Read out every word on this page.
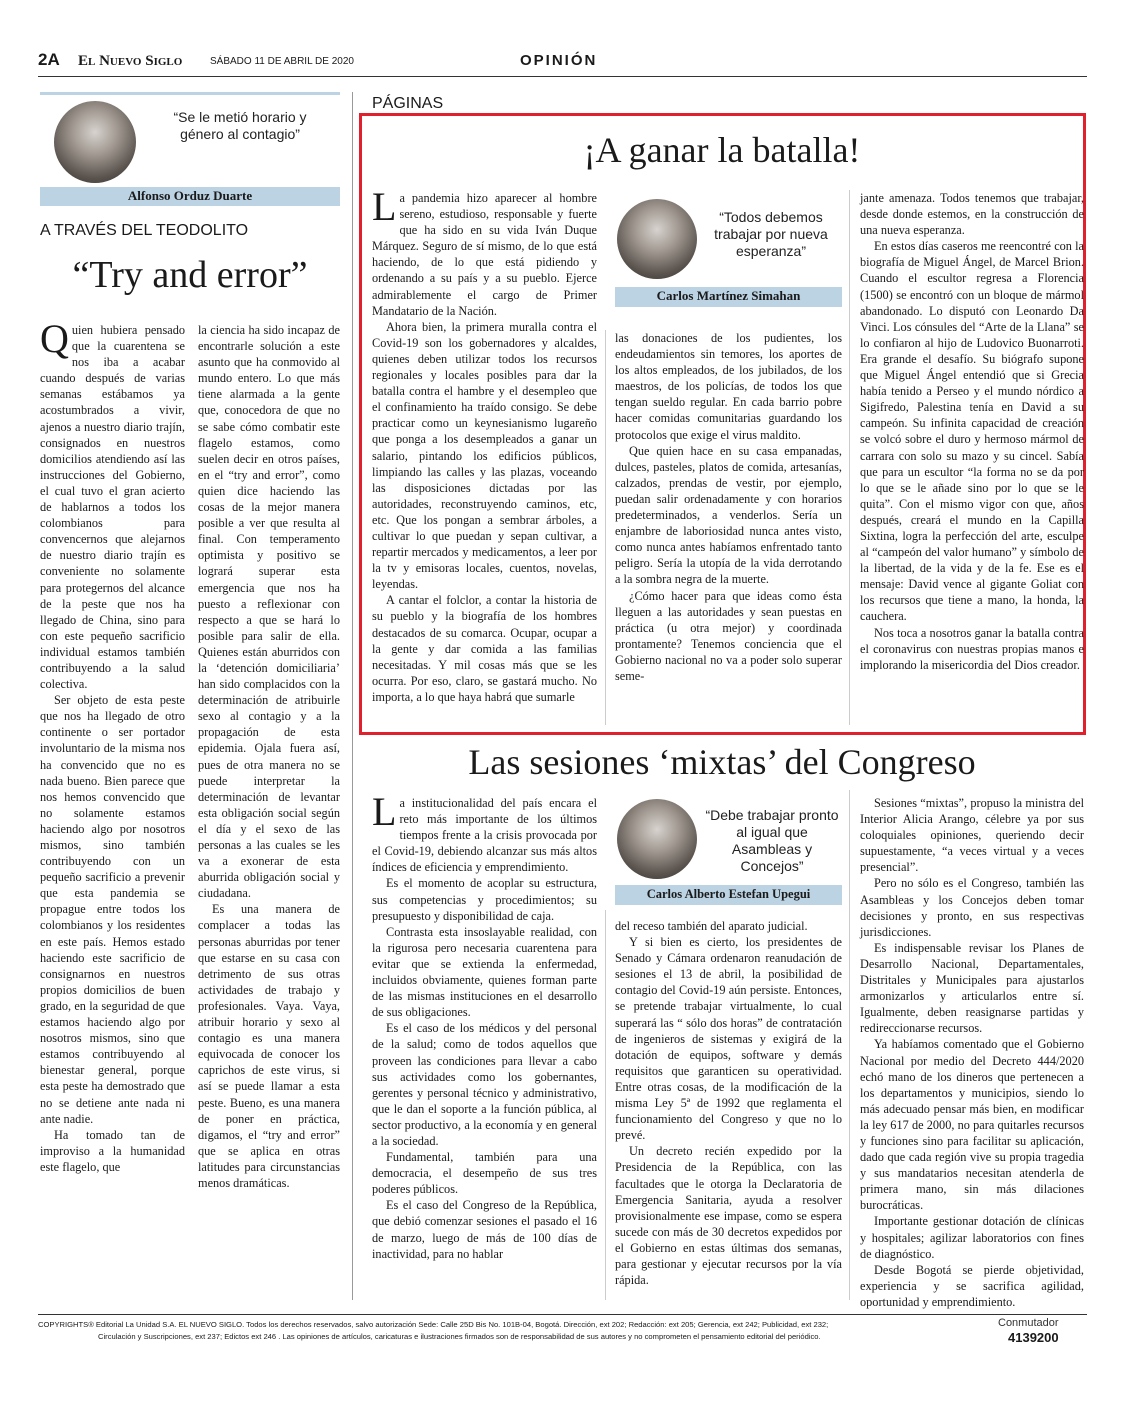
2A El Nuevo Siglo	SÁBADO 11 DE ABRIL DE 2020	OPINIÓN
“Se le metió horario y género al contagio”
Alfonso Orduz Duarte
A TRAVÉS DEL TEODOLITO
“Try and error”
Q uien hubiera pensado que la cuarentena se nos iba a acabar cuando después de varias semanas estábamos ya acostumbrados a vivir, ajenos a nuestro diario trajín, consignados en nuestros domicilios atendiendo así las instrucciones del Gobierno, el cual tuvo el gran acierto de hablarnos a todos los colombianos para convencernos que alejarnos de nuestro diario trajín es conveniente no solamente para protegernos del alcance de la peste que nos ha llegado de China, sino para con este pequeño sacrificio individual estamos también contribuyendo a la salud colectiva.

Ser objeto de esta peste que nos ha llegado de otro continente o ser portador involuntario de la misma nos ha convencido que no es nada bueno. Bien parece que nos hemos convencido que no solamente estamos haciendo algo por nosotros mismos, sino también contribuyendo con un pequeño sacrificio a prevenir que esta pandemia se propague entre todos los colombianos y los residentes en este país. Hemos estado haciendo este sacrificio de consignarnos en nuestros propios domicilios de buen grado, en la seguridad de que estamos haciendo algo por nosotros mismos, sino que estamos contribuyendo al bienestar general, porque esta peste ha demostrado que no se detiene ante nada ni ante nadie.

Ha tomado tan de improviso a la humanidad este flagelo, que

la ciencia ha sido incapaz de encontrarle solución a este asunto que ha conmovido al mundo entero. Lo que más tiene alarmada a la gente que, conocedora de que no se sabe cómo combatir este flagelo estamos, como suelen decir en otros países, en el “try and error”, como quien dice haciendo las cosas de la mejor manera posible a ver que resulta al final. Con temperamento optimista y positivo se logrará superar esta emergencia que nos ha puesto a reflexionar con respecto a que se hará lo posible para salir de ella. Quienes están aburridos con la ‘detención domiciliaria’ han sido complacidos con la determinación de atribuirle sexo al contagio y a la propagación de esta epidemia. Ojala fuera así, pues de otra manera no se puede interpretar la determinación de levantar esta obligación social según el día y el sexo de las personas a las cuales se les va a exonerar de esta aburrida obligación social y ciudadana.

Es una manera de complacer a todas las personas aburridas por tener que estarse en su casa con detrimento de sus otras actividades de trabajo y profesionales. Vaya. Vaya, atribuir horario y sexo al contagio es una manera equivocada de conocer los caprichos de este virus, si así se puede llamar a esta peste. Bueno, es una manera de poner en práctica, digamos, el “try and error” que se aplica en otras latitudes para circunstancias menos dramáticas.

PÁGINAS
¡A ganar la batalla!
L a pandemia hizo aparecer al hombre sereno, estudioso, responsable y fuerte que ha sido en su vida Iván Duque Márquez. Seguro de sí mismo, de lo que está haciendo, de lo que está pidiendo y ordenando a su país y a su pueblo. Ejerce admirablemente el cargo de Primer Mandatario de la Nación.

Ahora bien, la primera muralla contra el Covid-19 son los gobernadores y alcaldes, quienes deben utilizar todos los recursos regionales y locales posibles para dar la batalla contra el hambre y el desempleo que el confinamiento ha traído consigo. Se debe practicar como un keynesianismo lugareño que ponga a los desempleados a ganar un salario, pintando los edificios públicos, limpiando las calles y las plazas, voceando las disposiciones dictadas por las autoridades, reconstruyendo caminos, etc, etc. Que los pongan a sembrar árboles, a cultivar lo que puedan y sepan cultivar, a repartir mercados y medicamentos, a leer por la tv y emisoras locales, cuentos, novelas, leyendas.

A cantar el folclor, a contar la historia de su pueblo y la biografía de los hombres destacados de su comarca. Ocupar, ocupar a la gente y dar comida a las familias necesitadas. Y mil cosas más que se les ocurra. Por eso, claro, se gastará mucho. No importa, a lo que haya habrá que sumarle

“Todos debemos trabajar por nueva esperanza”
Carlos Martínez Simahan

las donaciones de los pudientes, los endeudamientos sin temores, los aportes de los altos empleados, de los jubilados, de los maestros, de los policías, de todos los que tengan sueldo regular. En cada barrio pobre hacer comidas comunitarias guardando los protocolos que exige el virus maldito.

Que quien hace en su casa empanadas, dulces, pasteles, platos de comida, artesanías, calzados, prendas de vestir, por ejemplo, puedan salir ordenadamente y con horarios predeterminados, a venderlos. Sería un enjambre de laboriosidad nunca antes visto, como nunca antes habíamos enfrentado tanto peligro. Sería la utopía de la vida derrotando a la sombra negra de la muerte.

¿Cómo hacer para que ideas como ésta lleguen a las autoridades y sean puestas en práctica (u otra mejor) y coordinada prontamente? Tenemos conciencia que el Gobierno nacional no va a poder solo superar seme-

jante amenaza. Todos tenemos que trabajar, desde donde estemos, en la construcción de una nueva esperanza.

En estos días caseros me reencontré con la biografía de Miguel Ángel, de Marcel Brion. Cuando el escultor regresa a Florencia (1500) se encontró con un bloque de mármol abandonado. Lo disputó con Leonardo Da Vinci. Los cónsules del “Arte de la Llana” se lo confiaron al hijo de Ludovico Buonarroti. Era grande el desafío. Su biógrafo supone que Miguel Ángel entendió que si Grecia había tenido a Perseo y el mundo nórdico a Sigifredo, Palestina tenía en David a su campeón. Su infinita capacidad de creación se volcó sobre el duro y hermoso mármol de carrara con solo su mazo y su cincel. Sabía que para un escultor “la forma no se da por lo que se le añade sino por lo que se le quita”. Con el mismo vigor con que, años después, creará el mundo en la Capilla Sixtina, logra la perfección del arte, esculpe al “campeón del valor humano” y símbolo de la libertad, de la vida y de la fe. Ese es el mensaje: David vence al gigante Goliat con los recursos que tiene a mano, la honda, la cauchera.

Nos toca a nosotros ganar la batalla contra el coronavirus con nuestras propias manos e implorando la misericordia del Dios creador.

Las sesiones ‘mixtas’ del Congreso
L a institucionalidad del país encara el reto más importante de los últimos tiempos frente a la crisis provocada por el Covid-19, debiendo alcanzar sus más altos índices de eficiencia y emprendimiento.

Es el momento de acoplar su estructura, sus competencias y procedimientos; su presupuesto y disponibilidad de caja.

Contrasta esta insoslayable realidad, con la rigurosa pero necesaria cuarentena para evitar que se extienda la enfermedad, incluidos obviamente, quienes forman parte de las mismas instituciones en el desarrollo de sus obligaciones.

Es el caso de los médicos y del personal de la salud; como de todos aquellos que proveen las condiciones para llevar a cabo sus actividades como los gobernantes, gerentes y personal técnico y administrativo, que le dan el soporte a la función pública, al sector productivo, a la economía y en general a la sociedad.

Fundamental, también para una democracia, el desempeño de sus tres poderes públicos.

Es el caso del Congreso de la República, que debió comenzar sesiones el pasado el 16 de marzo, luego de más de 100 días de inactividad, para no hablar

“Debe trabajar pronto al igual que Asambleas y Concejos”
Carlos Alberto Estefan Upegui

del receso también del aparato judicial.

Y si bien es cierto, los presidentes de Senado y Cámara ordenaron reanudación de sesiones el 13 de abril, la posibilidad de contagio del Covid-19 aún persiste. Entonces, se pretende trabajar virtualmente, lo cual superará las “ sólo dos horas” de contratación de ingenieros de sistemas y exigirá de la dotación de equipos, software y demás requisitos que garanticen su operatividad. Entre otras cosas, de la modificación de la misma Ley 5ª de 1992 que reglamenta el funcionamiento del Congreso y que no lo prevé.

Un decreto recién expedido por la Presidencia de la República, con las facultades que le otorga la Declaratoria de Emergencia Sanitaria, ayuda a resolver provisionalmente ese impase, como se espera sucede con más de 30 decretos expedidos por el Gobierno en estas últimas dos semanas, para gestionar y ejecutar recursos por la vía rápida.

Sesiones “mixtas”, propuso la ministra del Interior Alicia Arango, célebre ya por sus coloquiales opiniones, queriendo decir supuestamente, “a veces virtual y a veces presencial”.

Pero no sólo es el Congreso, también las Asambleas y los Concejos deben tomar decisiones y pronto, en sus respectivas jurisdicciones.

Es indispensable revisar los Planes de Desarrollo Nacional, Departamentales, Distritales y Municipales para ajustarlos armonizarlos y articularlos entre sí. Igualmente, deben reasignarse partidas y redireccionarse recursos.

Ya habíamos comentado que el Gobierno Nacional por medio del Decreto 444/2020 echó mano de los dineros que pertenecen a los departamentos y municipios, siendo lo más adecuado pensar más bien, en modificar la ley 617 de 2000, no para quitarles recursos y funciones sino para facilitar su aplicación, dado que cada región vive su propia tragedia y sus mandatarios necesitan atenderla de primera mano, sin más dilaciones burocráticas.

Importante gestionar dotación de clínicas y hospitales; agilizar laboratorios con fines de diagnóstico.

Desde Bogotá se pierde objetividad, experiencia y se sacrifica agilidad, oportunidad y emprendimiento.

COPYRIGHTS® Editorial La Unidad S.A. EL NUEVO SIGLO. Todos los derechos reservados, salvo autorización Sede: Calle 25D Bis No. 101B-04, Bogotá. Dirección, ext 202; Redacción: ext 205; Gerencia, ext 242; Publicidad, ext 232;
Circulación y Suscripciones, ext 237; Edictos ext 246 . Las opiniones de artículos, caricaturas e ilustraciones firmados son de responsabilidad de sus autores y no comprometen el pensamiento editorial del periódico.
Conmutador
4139200
